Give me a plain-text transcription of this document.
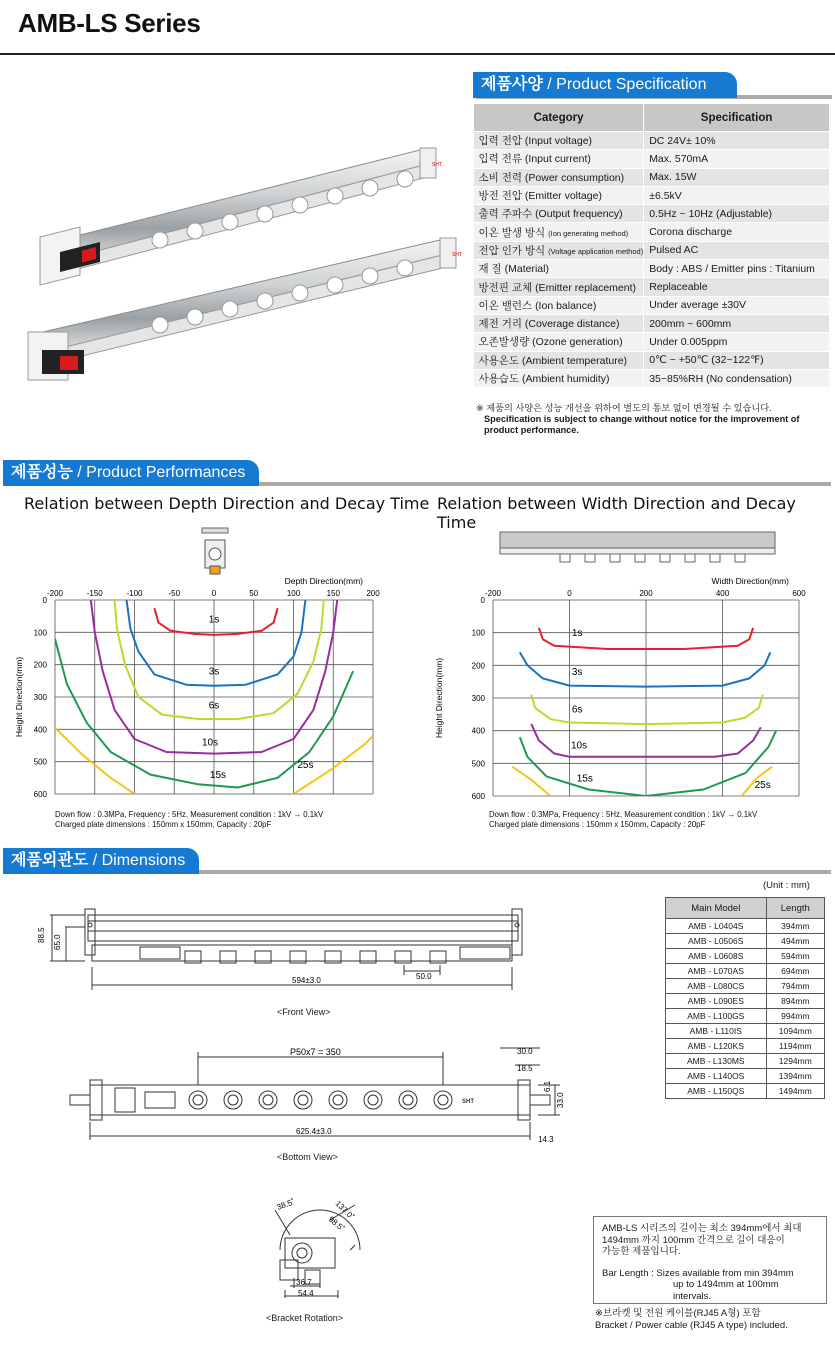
AMB-LS Series
SHT
SHT
제품사양 / Product Specification
Category	Specification
입력 전압 (Input voltage)	DC 24V± 10%
입력 전류 (Input current)	Max. 570mA
소비 전력 (Power consumption)	Max. 15W
방전 전압 (Emitter voltage)	±6.5kV
출력 주파수 (Output frequency)	0.5Hz ~ 10Hz (Adjustable)
이온 발생 방식 (Ion generating method)	Corona discharge
전압 인가 방식 (Voltage application method)	Pulsed AC
재 질 (Material)	Body : ABS / Emitter pins : Titanium
방전핀 교체 (Emitter replacement)	Replaceable
이온 밸런스 (Ion balance)	Under average ±30V
제전 거리 (Coverage distance)	200mm ~ 600mm
오존발생량 (Ozone generation)	Under 0.005ppm
사용온도 (Ambient temperature)	0℃ ~ +50℃ (32~122℉)
사용습도 (Ambient humidity)	35~85%RH (No condensation)
※ 제품의 사양은 성능 개선을 위하여 별도의 통보 없이 변경될 수 있습니다.
Specification is subject to change without notice for the improvement of
product performance.
제품성능 / Product Performances
Relation between Depth Direction and Decay Time Relation between Width Direction and Decay Time
-200	-150	-100	-50	0	50	100	150	200
0
100
200
300
400
500
600
1s
3s
6s
10s
15s
25s
Depth Direction(mm)
Height Direction(mm)
-200	0	200	400	600
0
100
200
300
400
500
600
1s
3s
6s
10s
15s
25s
Width Direction(mm)
Height Direction(mm)
Down flow : 0.3MPa, Frequency : 5Hz, Measurement condition : 1kV → 0.1kV
Charged plate dimensions : 150mm x 150mm, Capacity : 20pF
Down flow : 0.3MPa, Frequency : 5Hz, Measurement condition : 1kV → 0.1kV
Charged plate dimensions : 150mm x 150mm, Capacity : 20pF
제품외관도 / Dimensions
(Unit : mm)
Main Model	Length
AMB - L0404S	394mm
AMB - L0506S	494mm
AMB - L0608S	594mm
AMB - L070AS	694mm
AMB - L080CS	794mm
AMB - L090ES	894mm
AMB - L100GS	994mm
AMB - L110IS	1094mm
AMB - L120KS	1194mm
AMB - L130MS	1294mm
AMB - L140OS	1394mm
AMB - L150QS	1494mm
88.5 65.0
50.0
594±3.0
<Front View>
SHT
P50x7 = 350	30.0
18.5
6.1
33.0
625.4±3.0
14.3
<Bottom View>
38.5˚	137.0˚
98.5˚
36.7
54.4
<Bracket Rotation>
AMB-LS 시리즈의 길이는 최소 394mm에서 최대
1494mm 까지 100mm 간격으로 길이 대응이
가능한 제품입니다.
Bar Length : Sizes available from min 394mm
up to 1494mm at 100mm intervals.
※브라켓 및 전원 케이블(RJ45 A형) 포함
Bracket / Power cable (RJ45 A type) included.
